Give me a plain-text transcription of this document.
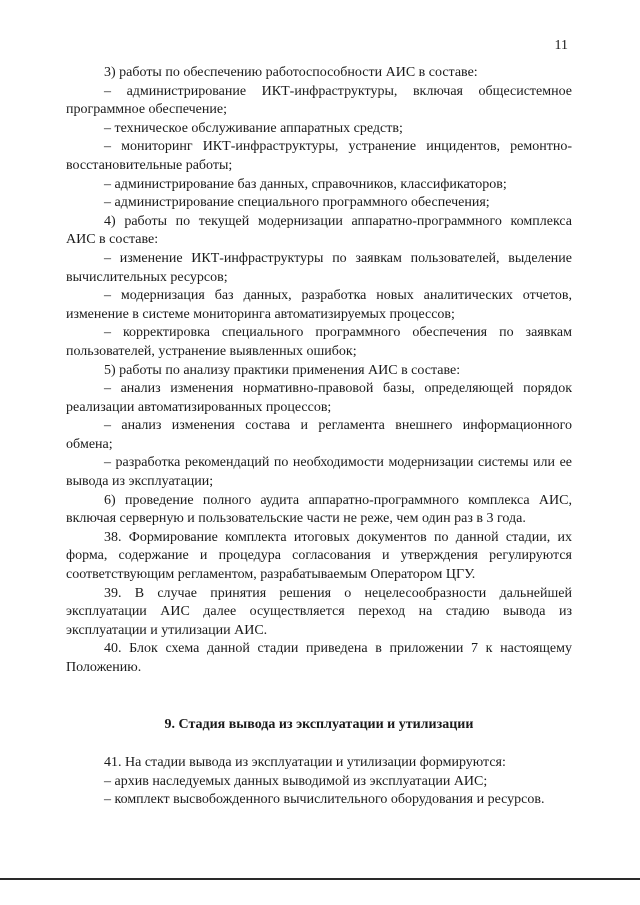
11

3) работы по обеспечению работоспособности АИС в составе:

– администрирование ИКТ-инфраструктуры, включая общесистемное программное обеспечение;

– техническое обслуживание аппаратных средств;

– мониторинг ИКТ-инфраструктуры, устранение инцидентов, ремонтно-восстановительные работы;

– администрирование баз данных, справочников, классификаторов;

– администрирование специального программного обеспечения;

4) работы по текущей модернизации аппаратно-программного комплекса АИС в составе:

– изменение ИКТ-инфраструктуры по заявкам пользователей, выделение вычислительных ресурсов;

– модернизация баз данных, разработка новых аналитических отчетов, изменение в системе мониторинга автоматизируемых процессов;

– корректировка специального программного обеспечения по заявкам пользователей, устранение выявленных ошибок;

5) работы по анализу практики применения АИС в составе:

– анализ изменения нормативно-правовой базы, определяющей порядок реализации автоматизированных процессов;

– анализ изменения состава и регламента внешнего информационного обмена;

– разработка рекомендаций по необходимости модернизации системы или ее вывода из эксплуатации;

6) проведение полного аудита аппаратно-программного комплекса АИС, включая серверную и пользовательские части не реже, чем один раз в 3 года.

38. Формирование комплекта итоговых документов по данной стадии, их форма, содержание и процедура согласования и утверждения регулируются соответствующим регламентом, разрабатываемым Оператором ЦГУ.

39. В случае принятия решения о нецелесообразности дальнейшей эксплуатации АИС далее осуществляется переход на стадию вывода из эксплуатации и утилизации АИС.

40. Блок схема данной стадии приведена в приложении 7 к настоящему Положению.

9. Стадия вывода из эксплуатации и утилизации

41. На стадии вывода из эксплуатации и утилизации формируются:

– архив наследуемых данных выводимой из эксплуатации АИС;

– комплект высвобожденного вычислительного оборудования и ресурсов.
